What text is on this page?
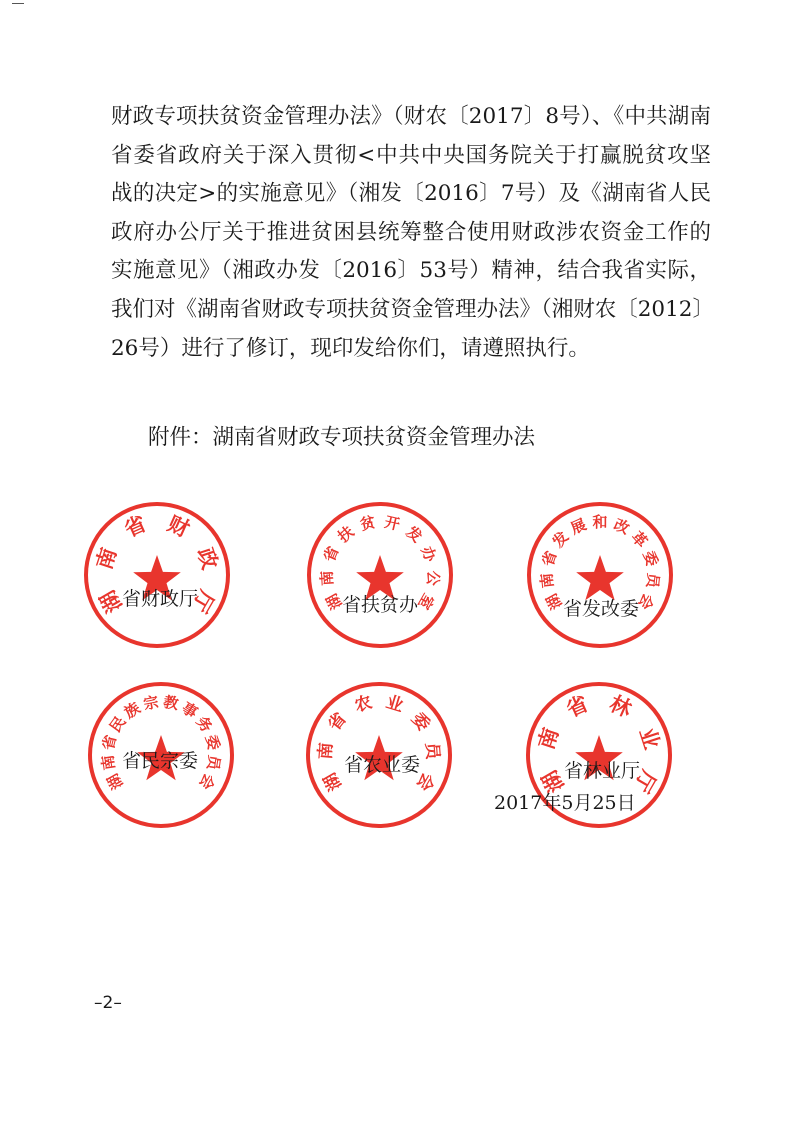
财政专项扶贫资金管理办法》（财农〔2017〕8号）、《中共湖南
省委省政府关于深入贯彻<中共中央国务院关于打赢脱贫攻坚
战的决定>的实施意见》（湘发〔2016〕7号）及《湖南省人民
政府办公厅关于推进贫困县统筹整合使用财政涉农资金工作的
实施意见》（湘政办发〔2016〕53号）精神，结合我省实际，
我们对《湖南省财政专项扶贫资金管理办法》（湘财农〔2012〕
26号）进行了修订，现印发给你们，请遵照执行。
附件：湖南省财政专项扶贫资金管理办法
湖
南
省 财
政
厅	湖
南
省
扶 贫 开 发
办
公
室	湖
南
省
发
展 和 改
革
委
员
会
湖
南
省
民
族
宗 教
事
务
委
员
会	湖
南
省
农 业
委
员
会	湖
南
省 林
业
厅
省财政厅	省扶贫办	省发改委
省民宗委	省农业委	省林业厅
2017年5月25日
–2–
